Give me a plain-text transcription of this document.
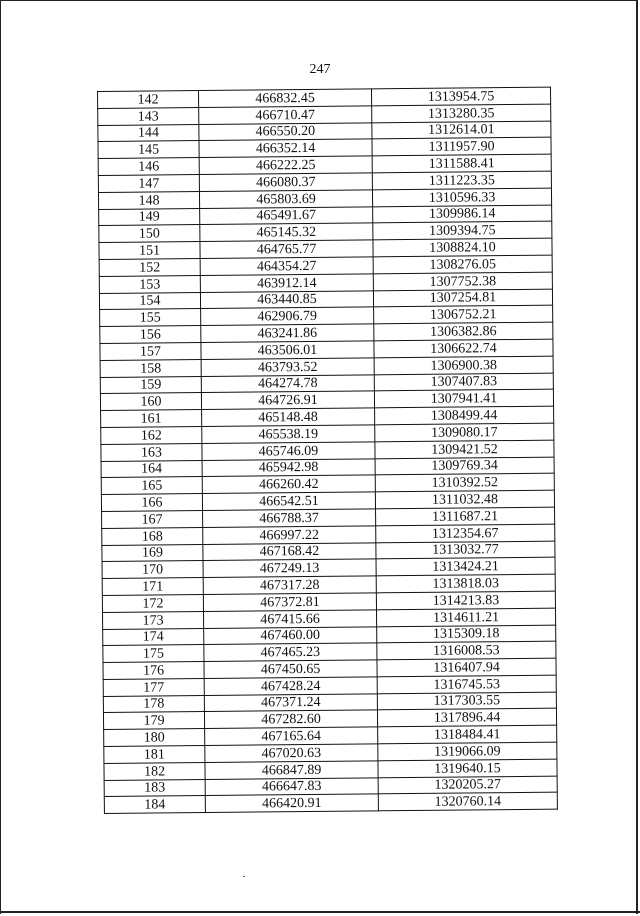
247
142	466832.45	1313954.75
143	466710.47	1313280.35
144	466550.20	1312614.01
145	466352.14	1311957.90
146	466222.25	1311588.41
147	466080.37	1311223.35
148	465803.69	1310596.33
149	465491.67	1309986.14
150	465145.32	1309394.75
151	464765.77	1308824.10
152	464354.27	1308276.05
153	463912.14	1307752.38
154	463440.85	1307254.81
155	462906.79	1306752.21
156	463241.86	1306382.86
157	463506.01	1306622.74
158	463793.52	1306900.38
159	464274.78	1307407.83
160	464726.91	1307941.41
161	465148.48	1308499.44
162	465538.19	1309080.17
163	465746.09	1309421.52
164	465942.98	1309769.34
165	466260.42	1310392.52
166	466542.51	1311032.48
167	466788.37	1311687.21
168	466997.22	1312354.67
169	467168.42	1313032.77
170	467249.13	1313424.21
171	467317.28	1313818.03
172	467372.81	1314213.83
173	467415.66	1314611.21
174	467460.00	1315309.18
175	467465.23	1316008.53
176	467450.65	1316407.94
177	467428.24	1316745.53
178	467371.24	1317303.55
179	467282.60	1317896.44
180	467165.64	1318484.41
181	467020.63	1319066.09
182	466847.89	1319640.15
183	466647.83	1320205.27
184	466420.91	1320760.14
